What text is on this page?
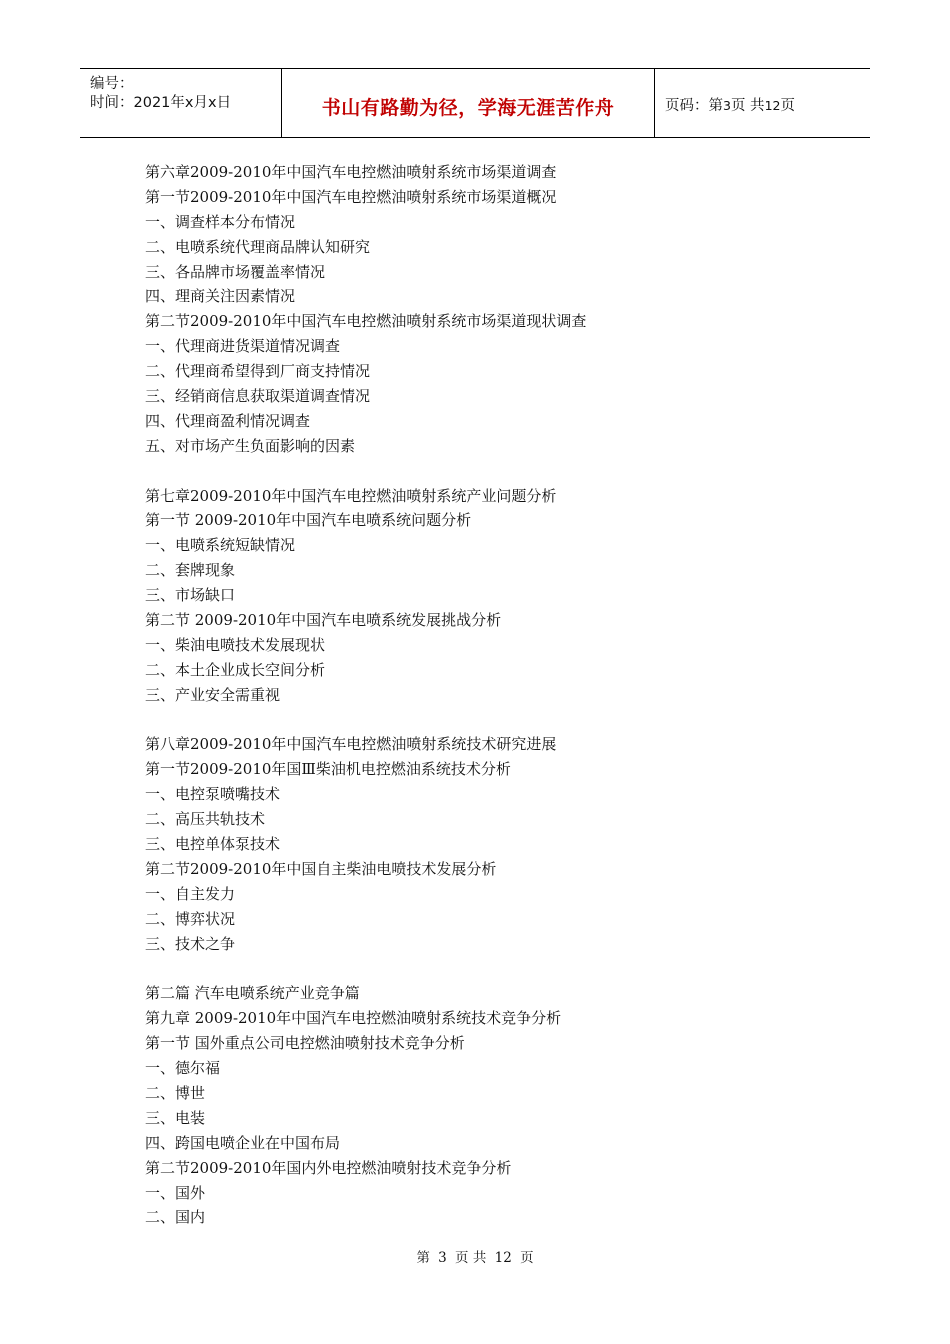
编号：
时间：2021年x月x日	书山有路勤为径，学海无涯苦作舟	页码：第3页 共12页
第六章2009-2010年中国汽车电控燃油喷射系统市场渠道调查
第一节2009-2010年中国汽车电控燃油喷射系统市场渠道概况
一、调查样本分布情况
二、电喷系统代理商品牌认知研究
三、各品牌市场覆盖率情况
四、理商关注因素情况
第二节2009-2010年中国汽车电控燃油喷射系统市场渠道现状调查
一、代理商进货渠道情况调查
二、代理商希望得到厂商支持情况
三、经销商信息获取渠道调查情况
四、代理商盈利情况调查
五、对市场产生负面影响的因素
第七章2009-2010年中国汽车电控燃油喷射系统产业问题分析
第一节 2009-2010年中国汽车电喷系统问题分析
一、电喷系统短缺情况
二、套牌现象
三、市场缺口
第二节 2009-2010年中国汽车电喷系统发展挑战分析
一、柴油电喷技术发展现状
二、本土企业成长空间分析
三、产业安全需重视
第八章2009-2010年中国汽车电控燃油喷射系统技术研究进展
第一节2009-2010年国Ⅲ柴油机电控燃油系统技术分析
一、电控泵喷嘴技术
二、高压共轨技术
三、电控单体泵技术
第二节2009-2010年中国自主柴油电喷技术发展分析
一、自主发力
二、博弈状况
三、技术之争
第二篇 汽车电喷系统产业竞争篇
第九章 2009-2010年中国汽车电控燃油喷射系统技术竞争分析
第一节 国外重点公司电控燃油喷射技术竞争分析
一、德尔福
二、博世
三、电装
四、跨国电喷企业在中国布局
第二节2009-2010年国内外电控燃油喷射技术竞争分析
一、国外
二、国内
第 3 页 共 12 页
